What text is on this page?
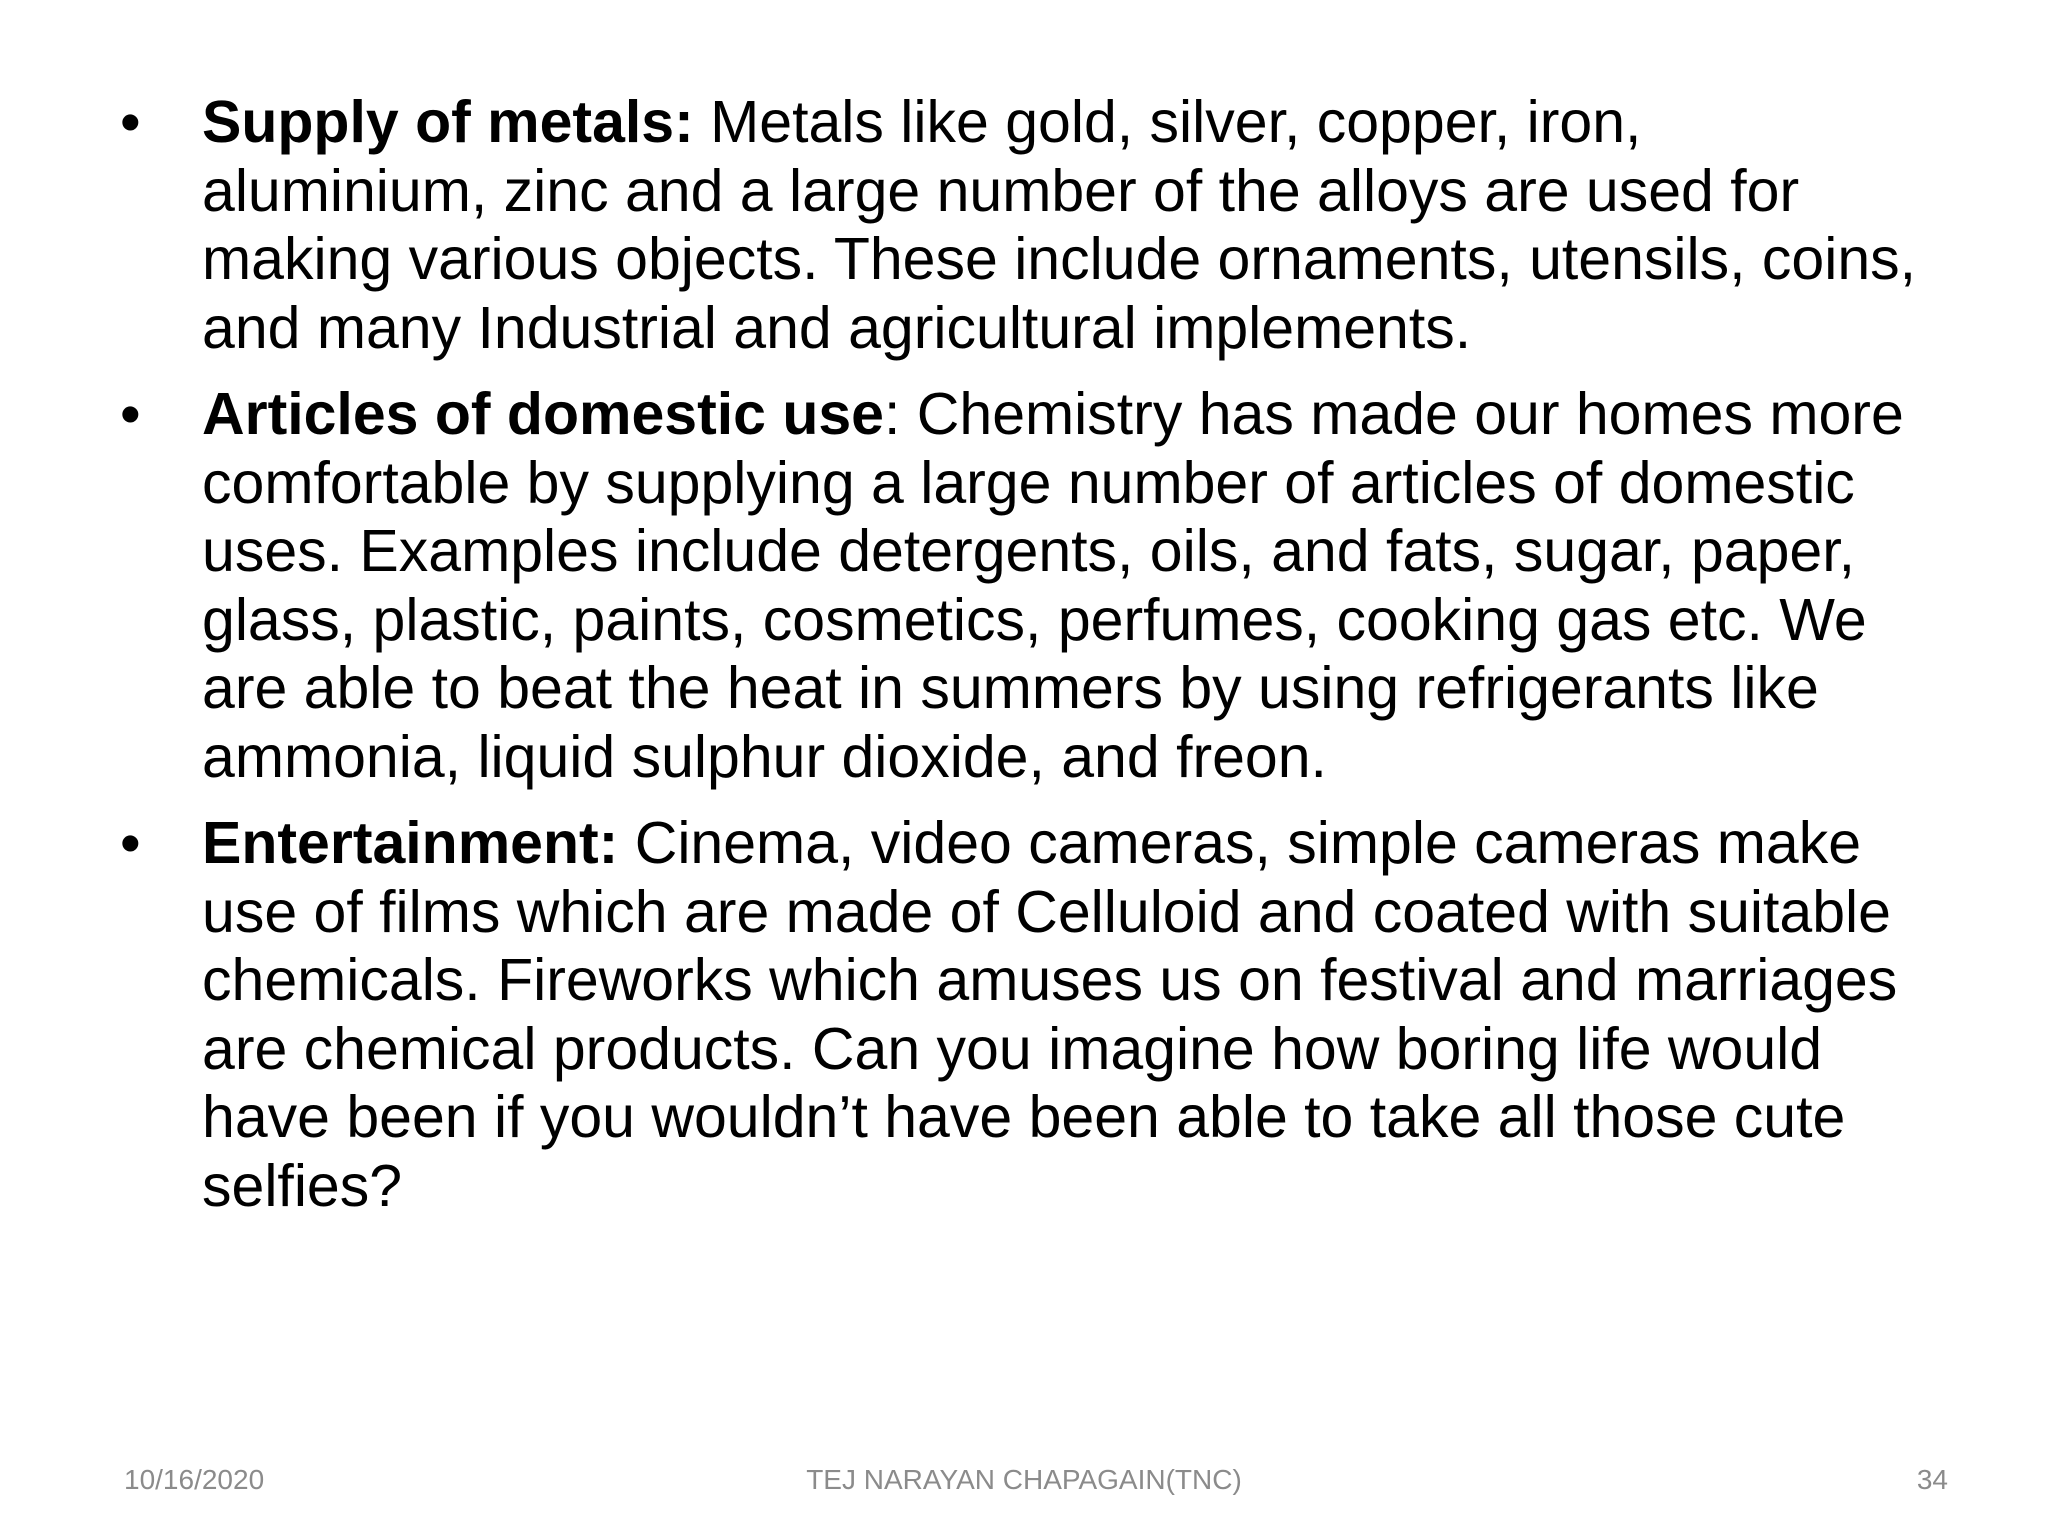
•	Supply of metals: Metals like gold, silver, copper, iron, aluminium, zinc and a large number of the alloys are used for making various objects. These include ornaments, utensils, coins, and many Industrial and agricultural implements.
•	Articles of domestic use: Chemistry has made our homes more comfortable by supplying a large number of articles of domestic uses. Examples include detergents, oils, and fats, sugar, paper, glass, plastic, paints, cosmetics, perfumes, cooking gas etc. We are able to beat the heat in summers by using refrigerants like ammonia, liquid sulphur dioxide, and freon.
•	Entertainment: Cinema, video cameras, simple cameras make use of films which are made of Celluloid and coated with suitable chemicals. Fireworks which amuses us on festival and marriages are chemical products. Can you imagine how boring life would have been if you wouldn’t have been able to take all those cute selfies?
10/16/2020	TEJ NARAYAN CHAPAGAIN(TNC)	34
